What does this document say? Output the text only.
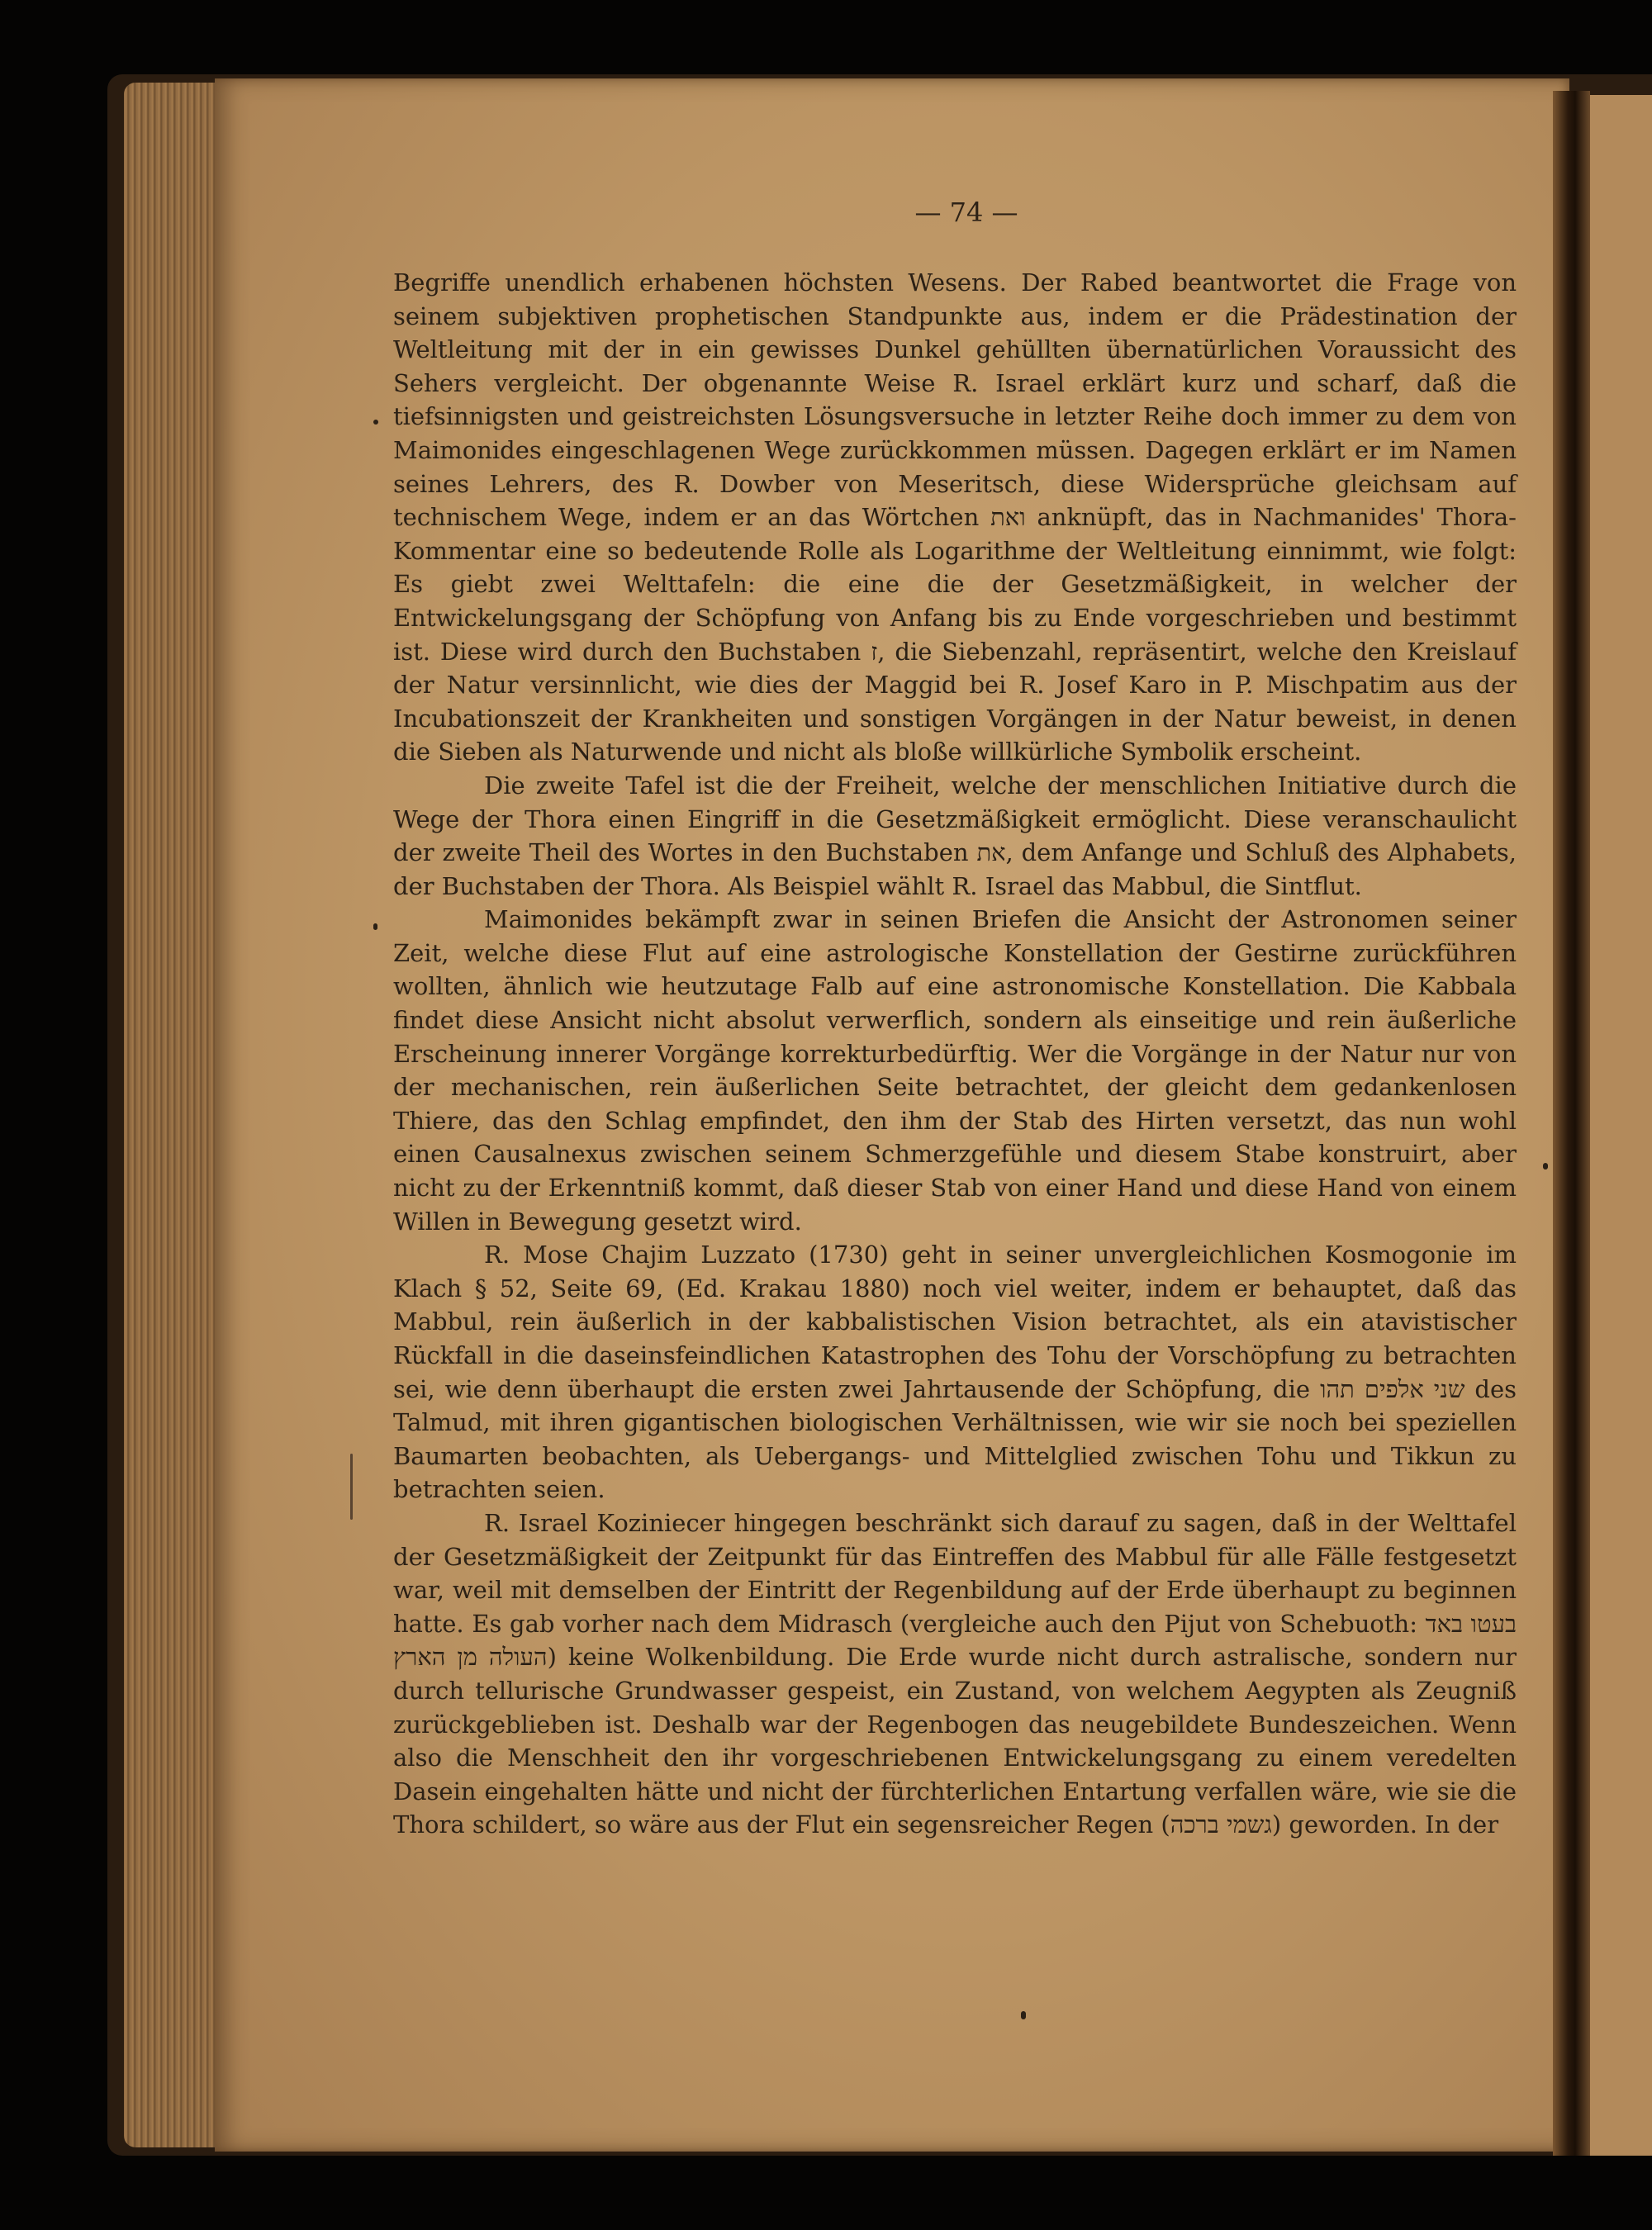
— 74 —

Begriffe unendlich erhabenen höchsten Wesens. Der Rabed beantwortet die Frage von seinem subjektiven prophetischen Standpunkte aus, indem er die Prädestination der Weltleitung mit der in ein gewisses Dunkel gehüllten übernatürlichen Voraussicht des Sehers vergleicht. Der obgenannte Weise R. Israel erklärt kurz und scharf, daß die tiefsinnigsten und geistreichsten Lösungsversuche in letzter Reihe doch immer zu dem von Maimonides eingeschlagenen Wege zurückkommen müssen. Dagegen erklärt er im Namen seines Lehrers, des R. Dowber von Meseritsch, diese Widersprüche gleichsam auf technischem Wege, indem er an das Wörtchen ואת anknüpft, das in Nachmanides' Thora-Kommentar eine so bedeutende Rolle als Logarithme der Weltleitung einnimmt, wie folgt: Es giebt zwei Welttafeln: die eine die der Gesetzmäßigkeit, in welcher der Entwickelungsgang der Schöpfung von Anfang bis zu Ende vorgeschrieben und bestimmt ist. Diese wird durch den Buchstaben ז, die Siebenzahl, repräsentirt, welche den Kreislauf der Natur versinnlicht, wie dies der Maggid bei R. Josef Karo in P. Mischpatim aus der Incubationszeit der Krankheiten und sonstigen Vorgängen in der Natur beweist, in denen die Sieben als Naturwende und nicht als bloße willkürliche Symbolik erscheint.

Die zweite Tafel ist die der Freiheit, welche der menschlichen Initiative durch die Wege der Thora einen Eingriff in die Gesetzmäßigkeit ermöglicht. Diese veranschaulicht der zweite Theil des Wortes in den Buchstaben את, dem Anfange und Schluß des Alphabets, der Buchstaben der Thora. Als Beispiel wählt R. Israel das Mabbul, die Sintflut.

Maimonides bekämpft zwar in seinen Briefen die Ansicht der Astronomen seiner Zeit, welche diese Flut auf eine astrologische Konstellation der Gestirne zurückführen wollten, ähnlich wie heutzutage Falb auf eine astronomische Konstellation. Die Kabbala findet diese Ansicht nicht absolut verwerflich, sondern als einseitige und rein äußerliche Erscheinung innerer Vorgänge korrekturbedürftig. Wer die Vorgänge in der Natur nur von der mechanischen, rein äußerlichen Seite betrachtet, der gleicht dem gedankenlosen Thiere, das den Schlag empfindet, den ihm der Stab des Hirten versetzt, das nun wohl einen Causalnexus zwischen seinem Schmerzgefühle und diesem Stabe konstruirt, aber nicht zu der Erkenntniß kommt, daß dieser Stab von einer Hand und diese Hand von einem Willen in Bewegung gesetzt wird.

R. Mose Chajim Luzzato (1730) geht in seiner unvergleichlichen Kosmogonie im Klach § 52, Seite 69, (Ed. Krakau 1880) noch viel weiter, indem er behauptet, daß das Mabbul, rein äußerlich in der kabbalistischen Vision betrachtet, als ein atavistischer Rückfall in die daseinsfeindlichen Katastrophen des Tohu der Vorschöpfung zu betrachten sei, wie denn überhaupt die ersten zwei Jahrtausende der Schöpfung, die שני אלפים תהו des Talmud, mit ihren gigantischen biologischen Verhältnissen, wie wir sie noch bei speziellen Baumarten beobachten, als Uebergangs- und Mittelglied zwischen Tohu und Tikkun zu betrachten seien.

R. Israel Koziniecer hingegen beschränkt sich darauf zu sagen, daß in der Welttafel der Gesetzmäßigkeit der Zeitpunkt für das Eintreffen des Mabbul für alle Fälle festgesetzt war, weil mit demselben der Eintritt der Regenbildung auf der Erde überhaupt zu beginnen hatte. Es gab vorher nach dem Midrasch (vergleiche auch den Pijut von Schebuoth: בעטו באד העולה מן הארץ) keine Wolkenbildung. Die Erde wurde nicht durch astralische, sondern nur durch tellurische Grundwasser gespeist, ein Zustand, von welchem Aegypten als Zeugniß zurückgeblieben ist. Deshalb war der Regenbogen das neugebildete Bundeszeichen. Wenn also die Menschheit den ihr vorgeschriebenen Entwickelungsgang zu einem veredelten Dasein eingehalten hätte und nicht der fürchterlichen Entartung verfallen wäre, wie sie die Thora schildert, so wäre aus der Flut ein segensreicher Regen (גשמי ברכה) geworden. In der
